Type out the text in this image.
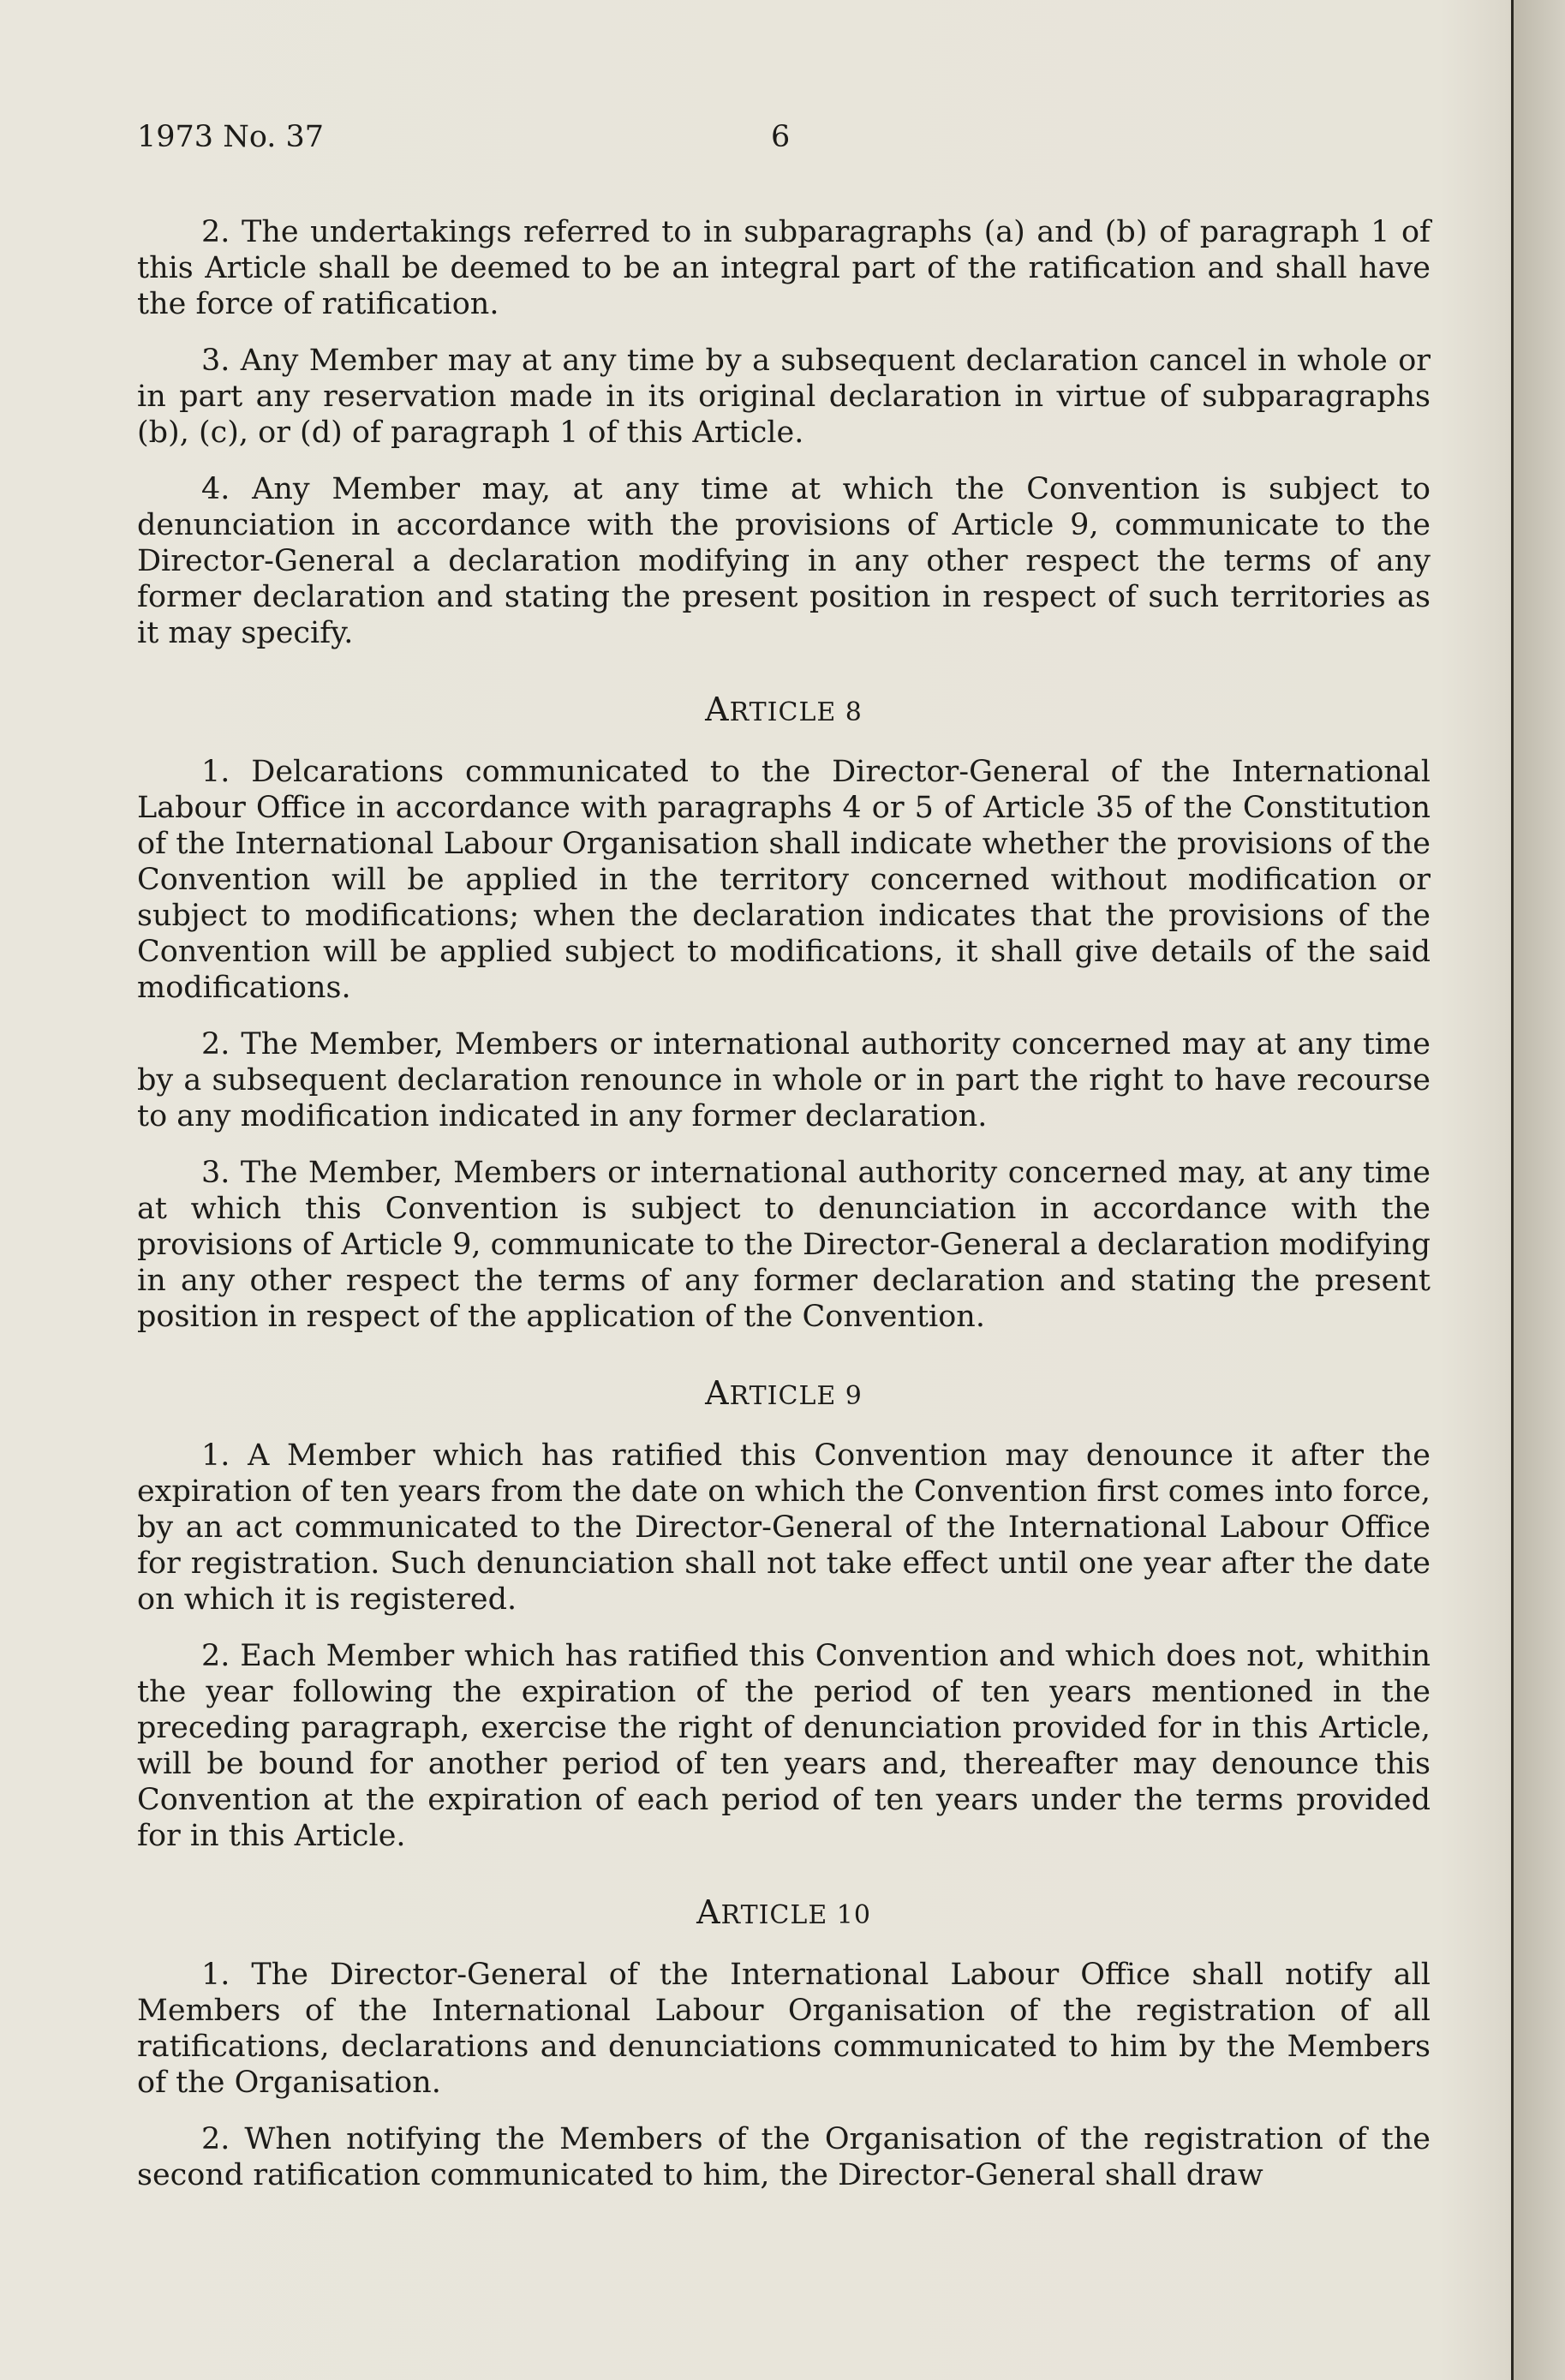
1973 No. 37	6

2. The undertakings referred to in subparagraphs (a) and (b) of paragraph 1 of this Article shall be deemed to be an integral part of the ratification and shall have the force of ratification.

3. Any Member may at any time by a subsequent declaration cancel in whole or in part any reservation made in its original declaration in virtue of subparagraphs (b), (c), or (d) of paragraph 1 of this Article.

4. Any Member may, at any time at which the Convention is subject to denunciation in accordance with the provisions of Article 9, communicate to the Director-General a declaration modifying in any other respect the terms of any former declaration and stating the present position in respect of such territories as it may specify.

ARTICLE 8

1. Delcarations communicated to the Director-General of the International Labour Office in accordance with paragraphs 4 or 5 of Article 35 of the Constitution of the International Labour Organisation shall indicate whether the provisions of the Convention will be applied in the territory concerned without modification or subject to modifications; when the declaration indicates that the provisions of the Convention will be applied subject to modifications, it shall give details of the said modifications.

2. The Member, Members or international authority concerned may at any time by a subsequent declaration renounce in whole or in part the right to have recourse to any modification indicated in any former declaration.

3. The Member, Members or international authority concerned may, at any time at which this Convention is subject to denunciation in accordance with the provisions of Article 9, communicate to the Director-General a declaration modifying in any other respect the terms of any former declaration and stating the present position in respect of the application of the Convention.

ARTICLE 9

1. A Member which has ratified this Convention may denounce it after the expiration of ten years from the date on which the Convention first comes into force, by an act communicated to the Director-General of the International Labour Office for registration. Such denunciation shall not take effect until one year after the date on which it is registered.

2. Each Member which has ratified this Convention and which does not, whithin the year following the expiration of the period of ten years mentioned in the preceding paragraph, exercise the right of denunciation provided for in this Article, will be bound for another period of ten years and, thereafter may denounce this Convention at the expiration of each period of ten years under the terms provided for in this Article.

ARTICLE 10

1. The Director-General of the International Labour Office shall notify all Members of the International Labour Organisation of the registration of all ratifications, declarations and denunciations communicated to him by the Members of the Organisation.

2. When notifying the Members of the Organisation of the registration of the second ratification communicated to him, the Director-General shall draw
